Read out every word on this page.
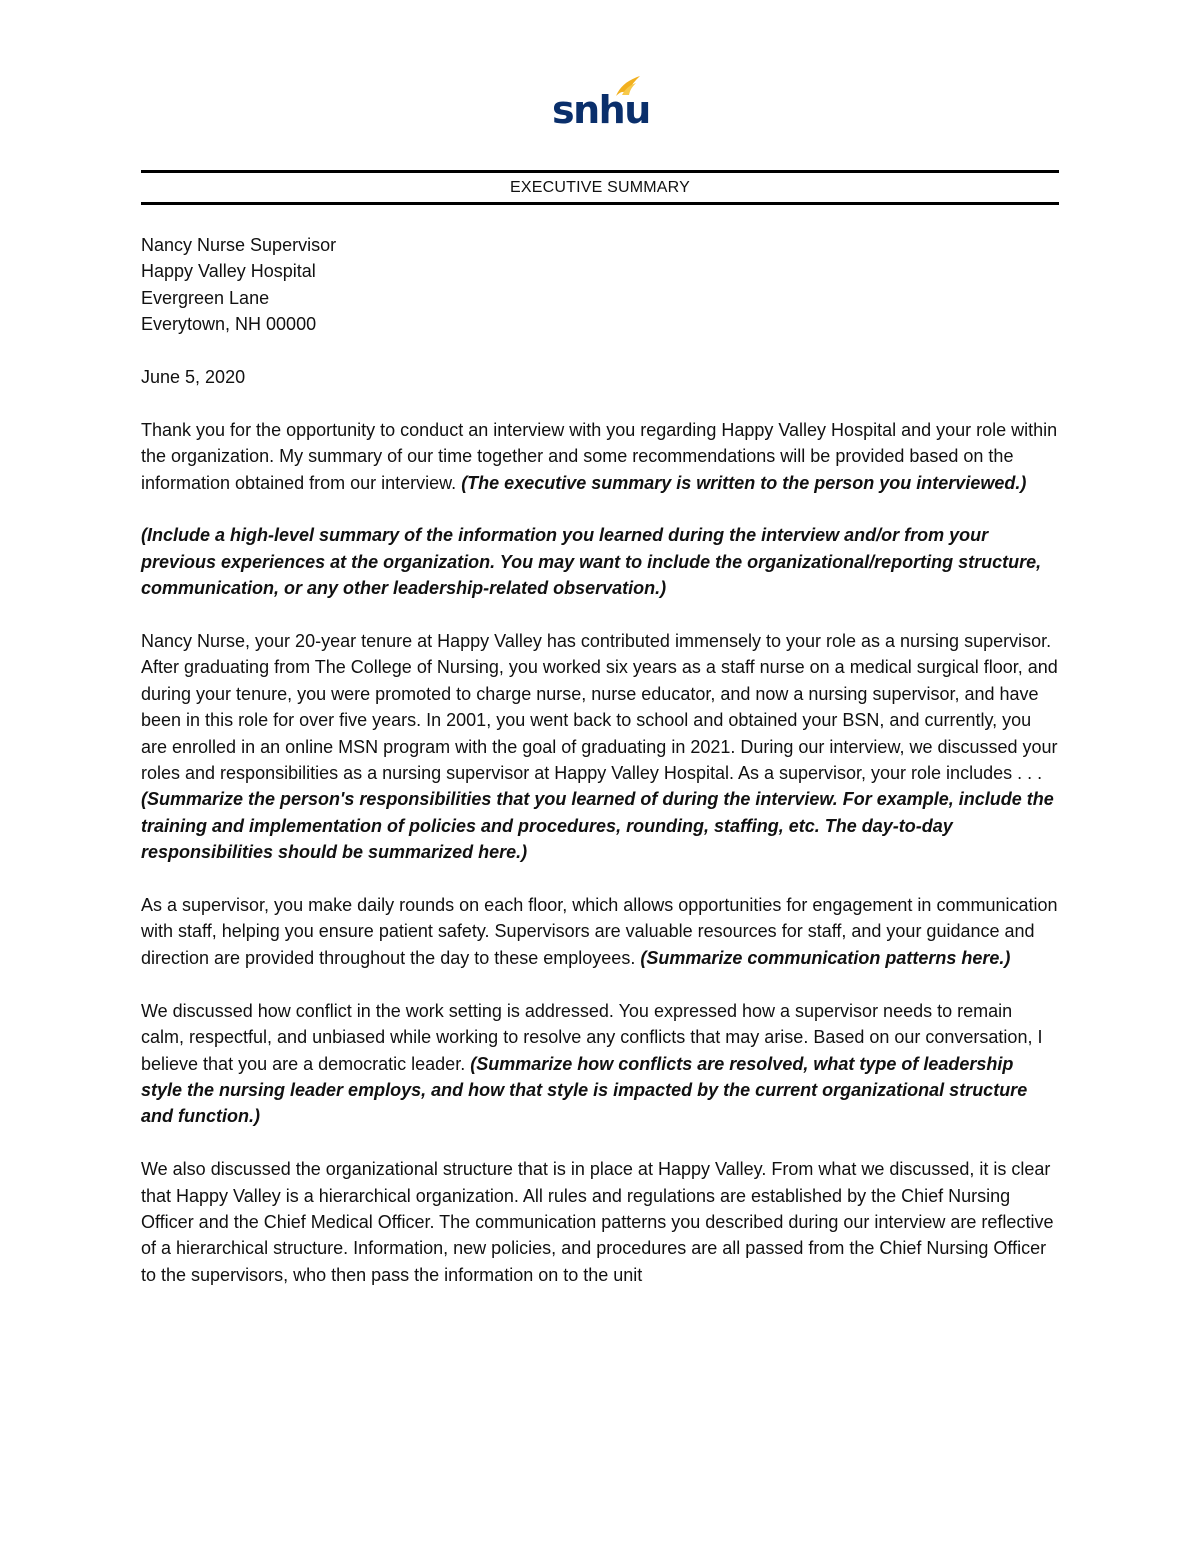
snhu
EXECUTIVE SUMMARY
Nancy Nurse Supervisor
Happy Valley Hospital
Evergreen Lane
Everytown, NH 00000
June 5, 2020

Thank you for the opportunity to conduct an interview with you regarding Happy Valley Hospital and your role within the organization. My summary of our time together and some recommendations will be provided based on the information obtained from our interview. (The executive summary is written to the person you interviewed.)

(Include a high-level summary of the information you learned during the interview and/or from your previous experiences at the organization. You may want to include the organizational/reporting structure, communication, or any other leadership-related observation.)

Nancy Nurse, your 20-year tenure at Happy Valley has contributed immensely to your role as a nursing supervisor. After graduating from The College of Nursing, you worked six years as a staff nurse on a medical surgical floor, and during your tenure, you were promoted to charge nurse, nurse educator, and now a nursing supervisor, and have been in this role for over five years. In 2001, you went back to school and obtained your BSN, and currently, you are enrolled in an online MSN program with the goal of graduating in 2021. During our interview, we discussed your roles and responsibilities as a nursing supervisor at Happy Valley Hospital. As a supervisor, your role includes . . . (Summarize the person's responsibilities that you learned of during the interview. For example, include the training and implementation of policies and procedures, rounding, staffing, etc. The day-to-day responsibilities should be summarized here.)

As a supervisor, you make daily rounds on each floor, which allows opportunities for engagement in communication with staff, helping you ensure patient safety. Supervisors are valuable resources for staff, and your guidance and direction are provided throughout the day to these employees. (Summarize communication patterns here.)

We discussed how conflict in the work setting is addressed. You expressed how a supervisor needs to remain calm, respectful, and unbiased while working to resolve any conflicts that may arise. Based on our conversation, I believe that you are a democratic leader. (Summarize how conflicts are resolved, what type of leadership style the nursing leader employs, and how that style is impacted by the current organizational structure and function.)

We also discussed the organizational structure that is in place at Happy Valley. From what we discussed, it is clear that Happy Valley is a hierarchical organization. All rules and regulations are established by the Chief Nursing Officer and the Chief Medical Officer. The communication patterns you described during our interview are reflective of a hierarchical structure. Information, new policies, and procedures are all passed from the Chief Nursing Officer to the supervisors, who then pass the information on to the unit
